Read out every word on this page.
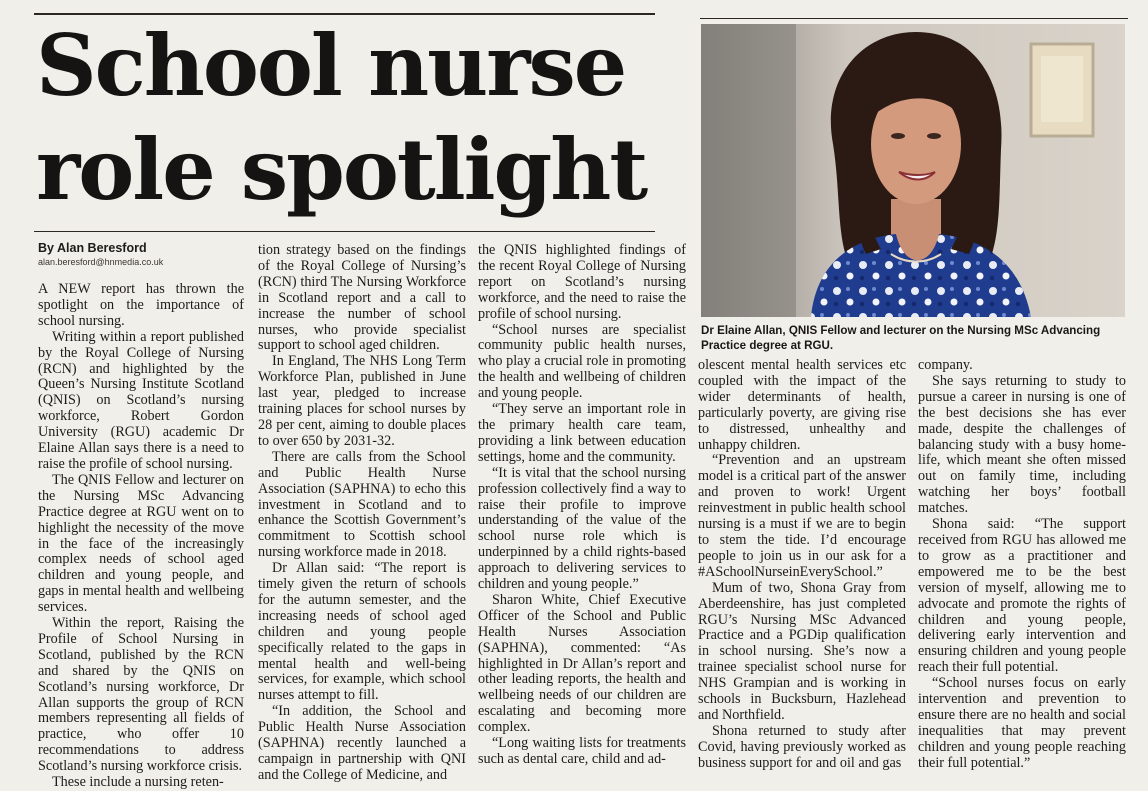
School nurse
role spotlight
By Alan Beresford
alan.beresford@hnmedia.co.uk

A NEW report has thrown the spotlight on the importance of school nursing.

Writing within a report published by the Royal College of Nursing (RCN) and highlighted by the Queen’s Nursing Institute Scotland (QNIS) on Scotland’s nursing workforce, Robert Gordon University (RGU) academic Dr Elaine Allan says there is a need to raise the profile of school nursing.

The QNIS Fellow and lecturer on the Nursing MSc Advancing Practice degree at RGU went on to highlight the necessity of the move in the face of the increasingly complex needs of school aged children and young people, and gaps in mental health and wellbeing services.

Within the report, Raising the Profile of School Nursing in Scotland, published by the RCN and shared by the QNIS on Scotland’s nursing workforce, Dr Allan supports the group of RCN members representing all fields of practice, who offer 10 recommendations to address Scotland’s nursing workforce crisis.

These include a nursing reten-

tion strategy based on the findings of the Royal College of Nursing’s (RCN) third The Nursing Workforce in Scotland report and a call to increase the number of school nurses, who provide specialist support to school aged children.

In England, The NHS Long Term Workforce Plan, published in June last year, pledged to increase training places for school nurses by 28 per cent, aiming to double places to over 650 by 2031-32.

There are calls from the School and Public Health Nurse Association (SAPHNA) to echo this investment in Scotland and to enhance the Scottish Government’s commitment to Scottish school nursing workforce made in 2018.

Dr Allan said: “The report is timely given the return of schools for the autumn semester, and the increasing needs of school aged children and young people specifically related to the gaps in mental health and well-being services, for example, which school nurses attempt to fill.

“In addition, the School and Public Health Nurse Association (SAPHNA) recently launched a campaign in partnership with QNI and the College of Medicine, and

the QNIS highlighted findings of the recent Royal College of Nursing report on Scotland’s nursing workforce, and the need to raise the profile of school nursing.

“School nurses are specialist community public health nurses, who play a crucial role in promoting the health and wellbeing of children and young people.

“They serve an important role in the primary health care team, providing a link between education settings, home and the community.

“It is vital that the school nursing profession collectively find a way to raise their profile to improve understanding of the value of the school nurse role which is underpinned by a child rights-based approach to delivering services to children and young people.”

Sharon White, Chief Executive Officer of the School and Public Health Nurses Association (SAPHNA), commented: “As highlighted in Dr Allan’s report and other leading reports, the health and wellbeing needs of our children are escalating and becoming more complex.

“Long waiting lists for treatments such as dental care, child and ad-

Dr Elaine Allan, QNIS Fellow and lecturer on the Nursing MSc Advancing Practice degree at RGU.

olescent mental health services etc coupled with the impact of the wider determinants of health, particularly poverty, are giving rise to distressed, unhealthy and unhappy children.

“Prevention and an upstream model is a critical part of the answer and proven to work! Urgent reinvestment in public health school nursing is a must if we are to begin to stem the tide. I’d encourage people to join us in our ask for a #ASchoolNurseinEverySchool.”

Mum of two, Shona Gray from Aberdeenshire, has just completed RGU’s Nursing MSc Advanced Practice and a PGDip qualification in school nursing. She’s now a trainee specialist school nurse for NHS Grampian and is working in schools in Bucksburn, Hazlehead and Northfield.

Shona returned to study after Covid, having previously worked as business support for and oil and gas

company.

She says returning to study to pursue a career in nursing is one of the best decisions she has ever made, despite the challenges of balancing study with a busy home-life, which meant she often missed out on family time, including watching her boys’ football matches.

Shona said: “The support received from RGU has allowed me to grow as a practitioner and empowered me to be the best version of myself, allowing me to advocate and promote the rights of children and young people, delivering early intervention and ensuring children and young people reach their full potential.

“School nurses focus on early intervention and prevention to ensure there are no health and social inequalities that may prevent children and young people reaching their full potential.”
